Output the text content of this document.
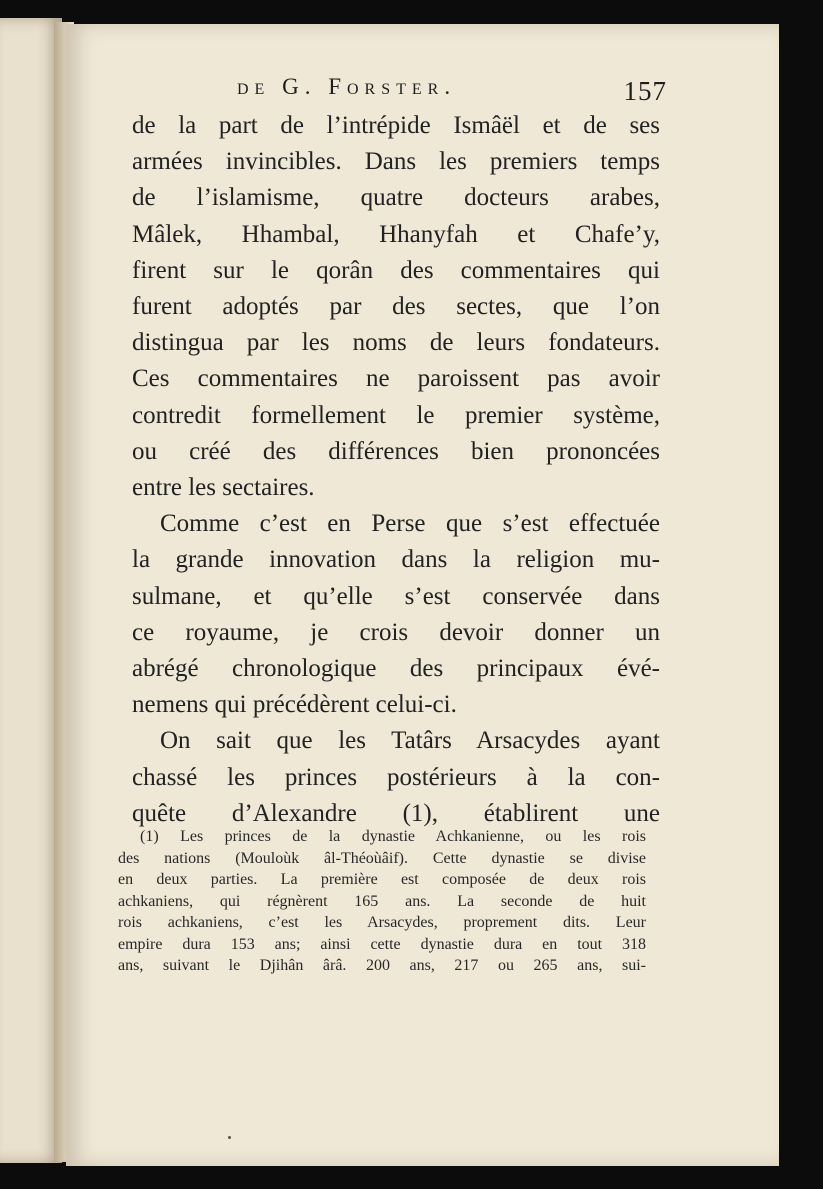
de G. Forster.	157
de la part de l’intrépide Ismâël et de ses
armées invincibles. Dans les premiers temps
de l’islamisme, quatre docteurs arabes,
Mâlek, Hhambal, Hhanyfah et Chafe’y,
firent sur le qorân des commentaires qui
furent adoptés par des sectes, que l’on
distingua par les noms de leurs fondateurs.
Ces commentaires ne paroissent pas avoir
contredit formellement le premier système,
ou créé des différences bien prononcées
entre les sectaires.
Comme c’est en Perse que s’est effectuée
la grande innovation dans la religion mu-
sulmane, et qu’elle s’est conservée dans
ce royaume, je crois devoir donner un
abrégé chronologique des principaux évé-
nemens qui précédèrent celui-ci.
On sait que les Tatârs Arsacydes ayant
chassé les princes postérieurs à la con-
quête d’Alexandre (1), établirent une
(1) Les princes de la dynastie Achkanienne, ou les rois
des nations (Mouloùk âl-Théoùâif). Cette dynastie se divise
en deux parties. La première est composée de deux rois
achkaniens, qui régnèrent 165 ans. La seconde de huit
rois achkaniens, c’est les Arsacydes, proprement dits. Leur
empire dura 153 ans; ainsi cette dynastie dura en tout 318
ans, suivant le Djihân ârâ. 200 ans, 217 ou 265 ans, sui-
